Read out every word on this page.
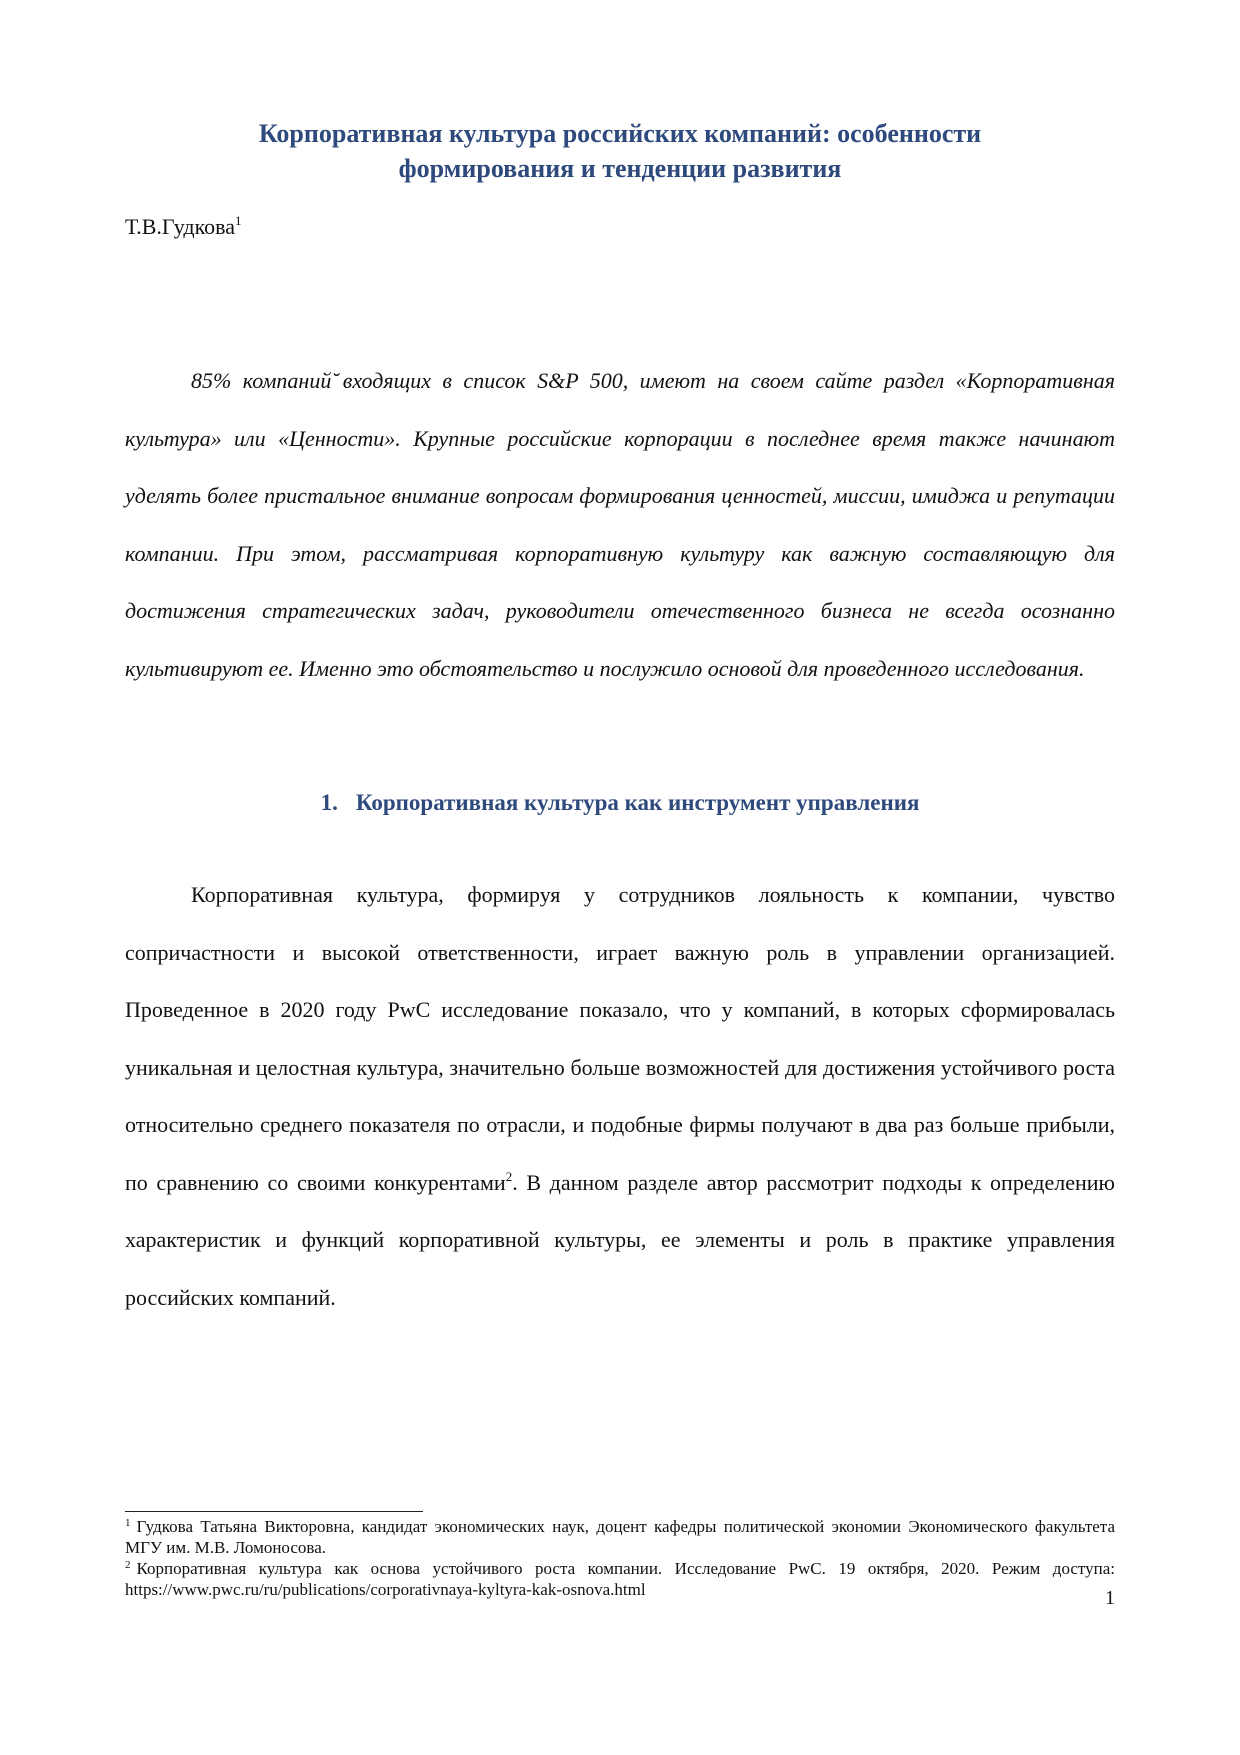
Корпоративная культура российских компаний: особенности
формирования и тенденции развития

Т.В.Гудкова$^1$

85% компаний̆ входящих в список S&P 500, имеют на своем сайте раздел «Корпоративная культура» или «Ценности». Крупные российские корпорации в последнее время также начинают уделять более пристальное внимание вопросам формирования ценностей, миссии, имиджа и репутации компании. При этом, рассматривая корпоративную культуру как важную составляющую для достижения стратегических задач, руководители отечественного бизнеса не всегда осознанно культивируют ее. Именно это обстоятельство и послужило основой для проведенного исследования.

1. Корпоративная культура как инструмент управления

Корпоративная культура, формируя у сотрудников лояльность к компании, чувство сопричастности и высокой ответственности, играет важную роль в управлении организацией. Проведенное в 2020 году PwC исследование показало, что у компаний, в которых сформировалась уникальная и целостная культура, значительно больше возможностей для достижения устойчивого роста относительно среднего показателя по отрасли, и подобные фирмы получают в два раз больше прибыли, по сравнению со своими конкурентами$^2$. В данном разделе автор рассмотрит подходы к определению характеристик и функций корпоративной культуры, ее элементы и роль в практике управления российских компаний.

$^1$ Гудкова Татьяна Викторовна, кандидат экономических наук, доцент кафедры политической экономии Экономического факультета МГУ им. М.В. Ломоносова.

$^2$ Корпоративная культура как основа устойчивого роста компании. Исследование PwC. 19 октября, 2020. Режим доступа: https://www.pwc.ru/ru/publications/corporativnaya-kyltyra-kak-osnova.html	1
